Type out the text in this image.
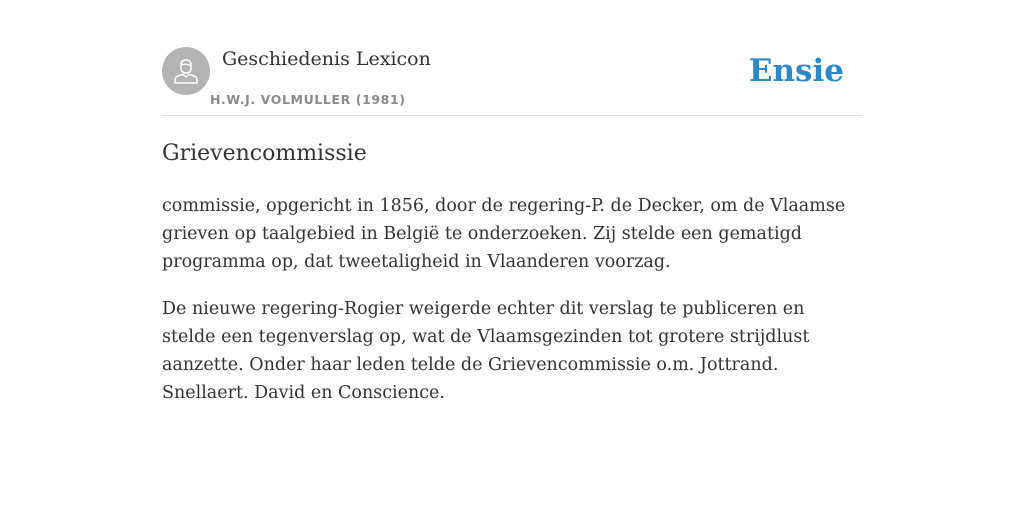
Geschiedenis Lexicon
H.W.J. VOLMULLER (1981)
Ensie
Grievencommissie

commissie, opgericht in 1856, door de regering-P. de Decker, om de Vlaamse grieven op taalgebied in België te onderzoeken. Zij stelde een gematigd programma op, dat tweetaligheid in Vlaanderen voorzag.

De nieuwe regering-Rogier weigerde echter dit verslag te publiceren en stelde een tegenverslag op, wat de Vlaamsgezinden tot grotere strijdlust aanzette. Onder haar leden telde de Grievencommissie o.m. Jottrand. Snellaert. David en Conscience.
